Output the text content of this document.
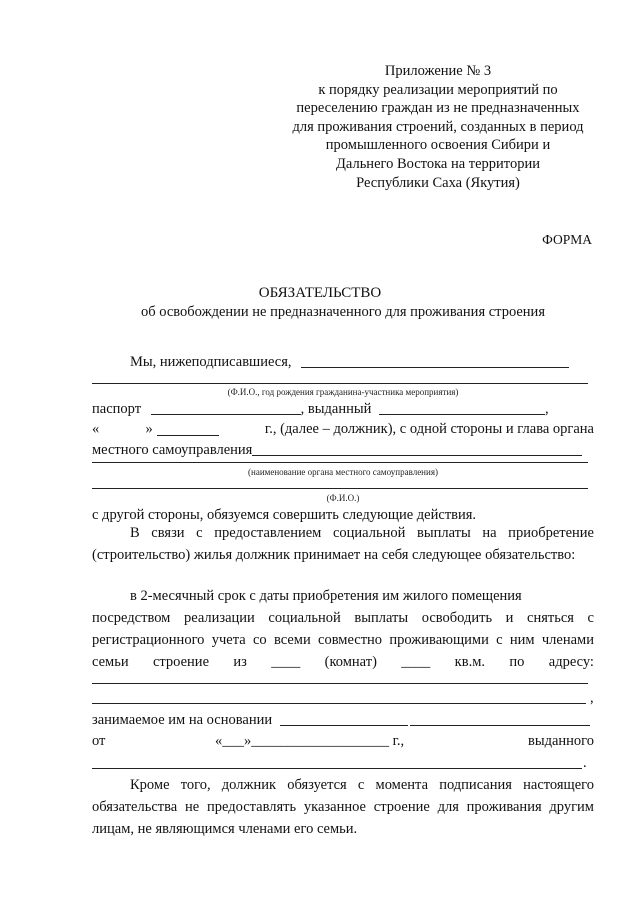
Приложение № 3
к порядку реализации мероприятий по
переселению граждан из не предназначенных
для проживания строений, созданных в период
промышленного освоения Сибири и
Дальнего Востока на территории
Республики Саха (Якутия)
ФОРМА
ОБЯЗАТЕЛЬСТВО
об освобождении не предназначенного для проживания строения
Мы, нижеподписавшиеся,
(Ф.И.О., год рождения гражданина-участника мероприятия)
паспорт	, выданный	,
«	»	г., (далее – должник), с одной стороны и глава органа
местного самоуправления
(наименование органа местного самоуправления)
(Ф.И.О.)
с другой стороны, обязуемся совершить следующие действия.
В связи с предоставлением социальной выплаты на приобретение (строительство) жилья должник принимает на себя следующее обязательство:
в 2-месячный срок с даты приобретения им жилого помещения
посредством реализации социальной выплаты освободить и сняться с
регистрационного учета со всеми совместно проживающими с ним членами
семьи строение из ____ (комнат) ____ кв.м. по адресу:
,
занимаемое им на основании
от	«___»___________________ г.,	выданного
.
Кроме того, должник обязуется с момента подписания настоящего обязательства не предоставлять указанное строение для проживания другим лицам, не являющимся членами его семьи.
